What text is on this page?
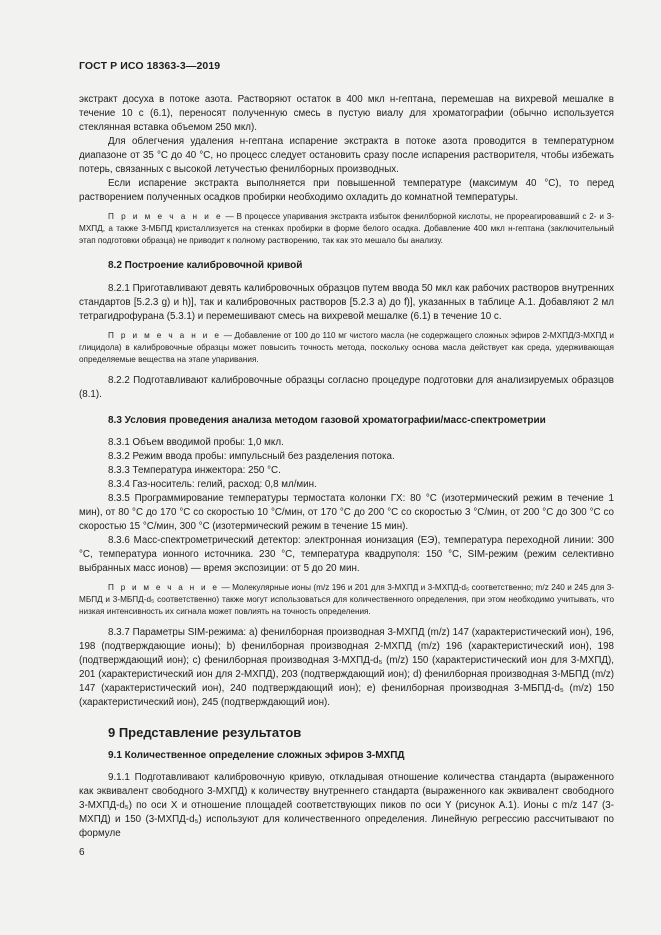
ГОСТ Р ИСО 18363-3—2019

экстракт досуха в потоке азота. Растворяют остаток в 400 мкл н-гептана, перемешав на вихревой мешалке в течение 10 с (6.1), переносят полученную смесь в пустую виалу для хроматографии (обычно используется стеклянная вставка объемом 250 мкл).

Для облегчения удаления н-гептана испарение экстракта в потоке азота проводится в температурном диапазоне от 35 °С до 40 °С, но процесс следует остановить сразу после испарения растворителя, чтобы избежать потерь, связанных с высокой летучестью фенилборных производных.

Если испарение экстракта выполняется при повышенной температуре (максимум 40 °С), то перед растворением полученных осадков пробирки необходимо охладить до комнатной температуры.

П р и м е ч а н и е — В процессе упаривания экстракта избыток фенилборной кислоты, не прореагировавший с 2- и 3-МХПД, а также 3-МБПД кристаллизуется на стенках пробирки в форме белого осадка. Добавление 400 мкл н-гептана (заключительный этап подготовки образца) не приводит к полному растворению, так как это мешало бы анализу.

8.2 Построение калибровочной кривой

8.2.1 Приготавливают девять калибровочных образцов путем ввода 50 мкл как рабочих растворов внутренних стандартов [5.2.3 g) и h)], так и калибровочных растворов [5.2.3 a) до f)], указанных в таблице А.1. Добавляют 2 мл тетрагидрофурана (5.3.1) и перемешивают смесь на вихревой мешалке (6.1) в течение 10 с.

П р и м е ч а н и е — Добавление от 100 до 110 мг чистого масла (не содержащего сложных эфиров 2-МХПД/3-МХПД и глицидола) в калибровочные образцы может повысить точность метода, поскольку основа масла действует как среда, удерживающая определяемые вещества на этапе упаривания.

8.2.2 Подготавливают калибровочные образцы согласно процедуре подготовки для анализируемых образцов (8.1).

8.3 Условия проведения анализа методом газовой хроматографии/масс-спектрометрии

8.3.1 Объем вводимой пробы: 1,0 мкл.

8.3.2 Режим ввода пробы: импульсный без разделения потока.

8.3.3 Температура инжектора: 250 °С.

8.3.4 Газ-носитель: гелий, расход: 0,8 мл/мин.

8.3.5 Программирование температуры термостата колонки ГХ: 80 °С (изотермический режим в течение 1 мин), от 80 °С до 170 °С со скоростью 10 °С/мин, от 170 °С до 200 °С со скоростью 3 °С/мин, от 200 °С до 300 °С со скоростью 15 °С/мин, 300 °С (изотермический режим в течение 15 мин).

8.3.6 Масс-спектрометрический детектор: электронная ионизация (ЕЭ), температура переходной линии: 300 °С, температура ионного источника. 230 °С, температура квадруполя: 150 °С, SIM-режим (режим селективно выбранных масс ионов) — время экспозиции: от 5 до 20 мин.

П р и м е ч а н и е — Молекулярные ионы (m/z 196 и 201 для 3-МХПД и 3-МХПД-d₅ соответственно; m/z 240 и 245 для 3-МБПД и 3-МБПД-d₅ соответственно) также могут использоваться для количественного определения, при этом необходимо учитывать, что низкая интенсивность их сигнала может повлиять на точность определения.

8.3.7 Параметры SIM-режима: a) фенилборная производная 3-МХПД (m/z) 147 (характеристический ион), 196, 198 (подтверждающие ионы); b) фенилборная производная 2-МХПД (m/z) 196 (характеристический ион), 198 (подтверждающий ион); c) фенилборная производная 3-МХПД-d₅ (m/z) 150 (характеристический ион для 3-МХПД), 201 (характеристический ион для 2-МХПД), 203 (подтверждающий ион); d) фенилборная производная 3-МБПД (m/z) 147 (характеристический ион), 240 подтверждающий ион); e) фенилборная производная 3-МБПД-d₅ (m/z) 150 (характеристический ион), 245 (подтверждающий ион).

9 Представление результатов

9.1 Количественное определение сложных эфиров 3-МХПД

9.1.1 Подготавливают калибровочную кривую, откладывая отношение количества стандарта (выраженного как эквивалент свободного 3-МХПД) к количеству внутреннего стандарта (выраженного как эквивалент свободного 3-МХПД-d₅) по оси X и отношение площадей соответствующих пиков по оси Y (рисунок А.1). Ионы с m/z 147 (3-МХПД) и 150 (3-МХПД-d₅) используют для количественного определения. Линейную регрессию рассчитывают по формуле

6
